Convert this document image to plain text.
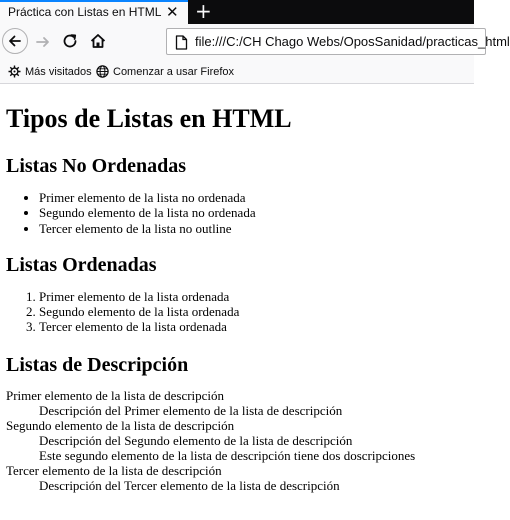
Práctica con Listas en HTML ✕ +
file:///C:/CH Chago Webs/OposSanidad/practicas_html
Más visitados Comenzar a usar Firefox
Tipos de Listas en HTML
Listas No Ordenadas
• Primer elemento de la lista no ordenada
• Segundo elemento de la lista no ordenada
• Tercer elemento de la lista no outline
Listas Ordenadas
1. Primer elemento de la lista ordenada
2. Segundo elemento de la lista ordenada
3. Tercer elemento de la lista ordenada
Listas de Descripción
Primer elemento de la lista de descripción
Descripción del Primer elemento de la lista de descripción
Segundo elemento de la lista de descripción
Descripción del Segundo elemento de la lista de descripción
Este segundo elemento de la lista de descripción tiene dos doscripciones
Tercer elemento de la lista de descripción
Descripción del Tercer elemento de la lista de descripción
